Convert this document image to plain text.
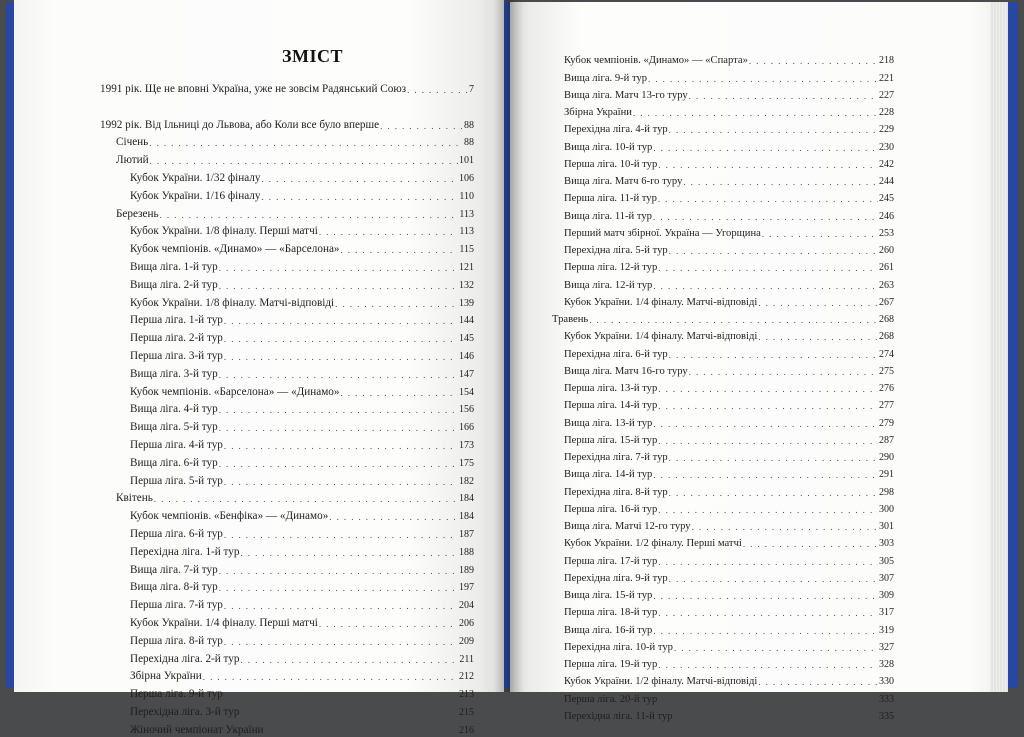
ЗМІСТ
1991 рік. Ще не вповні Україна, уже не зовсім Радянський Союз . . .	7
1992 рік. Від Ільниці до Львова, або Коли все було вперше . . .	88
Січень . . .	88
Лютий . . .	101
Кубок України. 1/32 фіналу . . .	106
Кубок України. 1/16 фіналу . . .	110
Березень . . .	113
Кубок України. 1/8 фіналу. Перші матчі . . .	113
Кубок чемпіонів. «Динамо» — «Барселона» . . .	115
Вища ліга. 1-й тур . . .	121
Вища ліга. 2-й тур . . .	132
Кубок України. 1/8 фіналу. Матчі-відповіді . . .	139
Перша ліга. 1-й тур . . .	144
Перша ліга. 2-й тур . . .	145
Перша ліга. 3-й тур . . .	146
Вища ліга. 3-й тур . . .	147
Кубок чемпіонів. «Барселона» — «Динамо» . . .	154
Вища ліга. 4-й тур . . .	156
Вища ліга. 5-й тур . . .	166
Перша ліга. 4-й тур . . .	173
Вища ліга. 6-й тур . . .	175
Перша ліга. 5-й тур . . .	182
Квітень . . .	184
Кубок чемпіонів. «Бенфіка» — «Динамо» . . .	184
Перша ліга. 6-й тур . . .	187
Перехідна ліга. 1-й тур . . .	188
Вища ліга. 7-й тур . . .	189
Вища ліга. 8-й тур . . .	197
Перша ліга. 7-й тур . . .	204
Кубок України. 1/4 фіналу. Перші матчі . . .	206
Перша ліга. 8-й тур . . .	209
Перехідна ліга. 2-й тур . . .	211
Збірна України . . .	212
Перша ліга. 9-й тур . . .	213
Перехідна ліга. 3-й тур . . .	215
Жіночий чемпіонат України . . .	216
Кубок чемпіонів. «Динамо» — «Спарта» . . .	218
Вища ліга. 9-й тур . . .	221
Вища ліга. Матч 13-го туру . . .	227
Збірна України . . .	228
Перехідна ліга. 4-й тур . . .	229
Вища ліга. 10-й тур . . .	230
Перша ліга. 10-й тур . . .	242
Вища ліга. Матч 6-го туру . . .	244
Перша ліга. 11-й тур . . .	245
Вища ліга. 11-й тур . . .	246
Перший матч збірної. Україна — Угорщина . . .	253
Перехідна ліга. 5-й тур . . .	260
Перша ліга. 12-й тур . . .	261
Вища ліга. 12-й тур . . .	263
Кубок України. 1/4 фіналу. Матчі-відповіді . . .	267
Травень . . .	268
Кубок України. 1/4 фіналу. Матчі-відповіді . . .	268
Перехідна ліга. 6-й тур . . .	274
Вища ліга. Матч 16-го туру . . .	275
Перша ліга. 13-й тур . . .	276
Перша ліга. 14-й тур . . .	277
Вища ліга. 13-й тур . . .	279
Перша ліга. 15-й тур . . .	287
Перехідна ліга. 7-й тур . . .	290
Вища ліга. 14-й тур . . .	291
Перехідна ліга. 8-й тур . . .	298
Перша ліга. 16-й тур . . .	300
Вища ліга. Матчі 12-го туру . . .	301
Кубок України. 1/2 фіналу. Перші матчі . . .	303
Перша ліга. 17-й тур . . .	305
Перехідна ліга. 9-й тур . . .	307
Вища ліга. 15-й тур . . .	309
Перша ліга. 18-й тур . . .	317
Вища ліга. 16-й тур . . .	319
Перехідна ліга. 10-й тур . . .	327
Перша ліга. 19-й тур . . .	328
Кубок України. 1/2 фіналу. Матчі-відповіді . . .	330
Перша ліга. 20-й тур . . .	333
Перехідна ліга. 11-й тур . . .	335
